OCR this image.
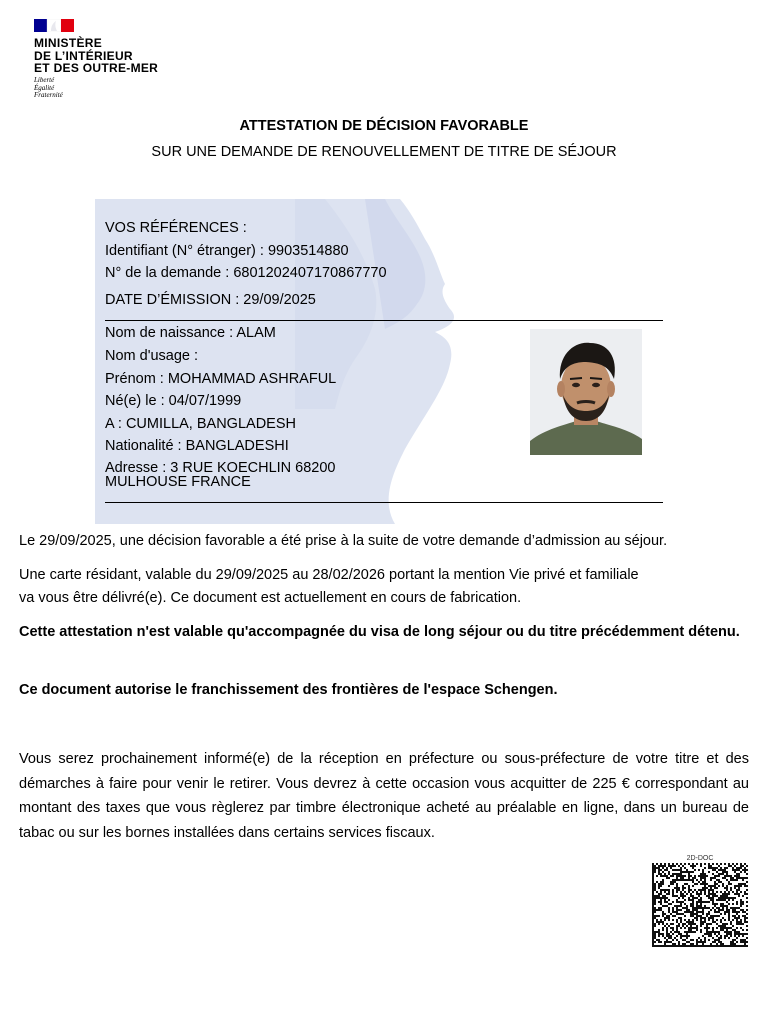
MINISTÈRE
DE L’INTÉRIEUR
ET DES OUTRE-MER
Liberté
Égalité
Fraternité
ATTESTATION DE DÉCISION FAVORABLE
SUR UNE DEMANDE DE RENOUVELLEMENT DE TITRE DE SÉJOUR
VOS RÉFÉRENCES :
Identifiant (N° étranger) : 9903514880
N° de la demande : 6801202407170867770
DATE D’ÉMISSION : 29/09/2025
Nom de naissance : ALAM
Nom d'usage :
Prénom : MOHAMMAD ASHRAFUL
Né(e) le : 04/07/1999
A : CUMILLA, BANGLADESH
Nationalité : BANGLADESHI
Adresse : 3 RUE KOECHLIN 68200
MULHOUSE FRANCE
Le 29/09/2025, une décision favorable a été prise à la suite de votre demande d’admission au séjour.
Une carte résidant, valable du 29/09/2025 au 28/02/2026 portant la mention Vie privé et familiale
va vous être délivré(e). Ce document est actuellement en cours de fabrication.
Cette attestation n'est valable qu'accompagnée du visa de long séjour ou du titre précédemment détenu.
Ce document autorise le franchissement des frontières de l'espace Schengen.
Vous serez prochainement informé(e) de la réception en préfecture ou sous-préfecture de votre titre et des démarches à faire pour venir le retirer. Vous devrez à cette occasion vous acquitter de 225 € correspondant au montant des taxes que vous règlerez par timbre électronique acheté au préalable en ligne, dans un bureau de tabac ou sur les bornes installées dans certains services fiscaux.
2D-DOC
